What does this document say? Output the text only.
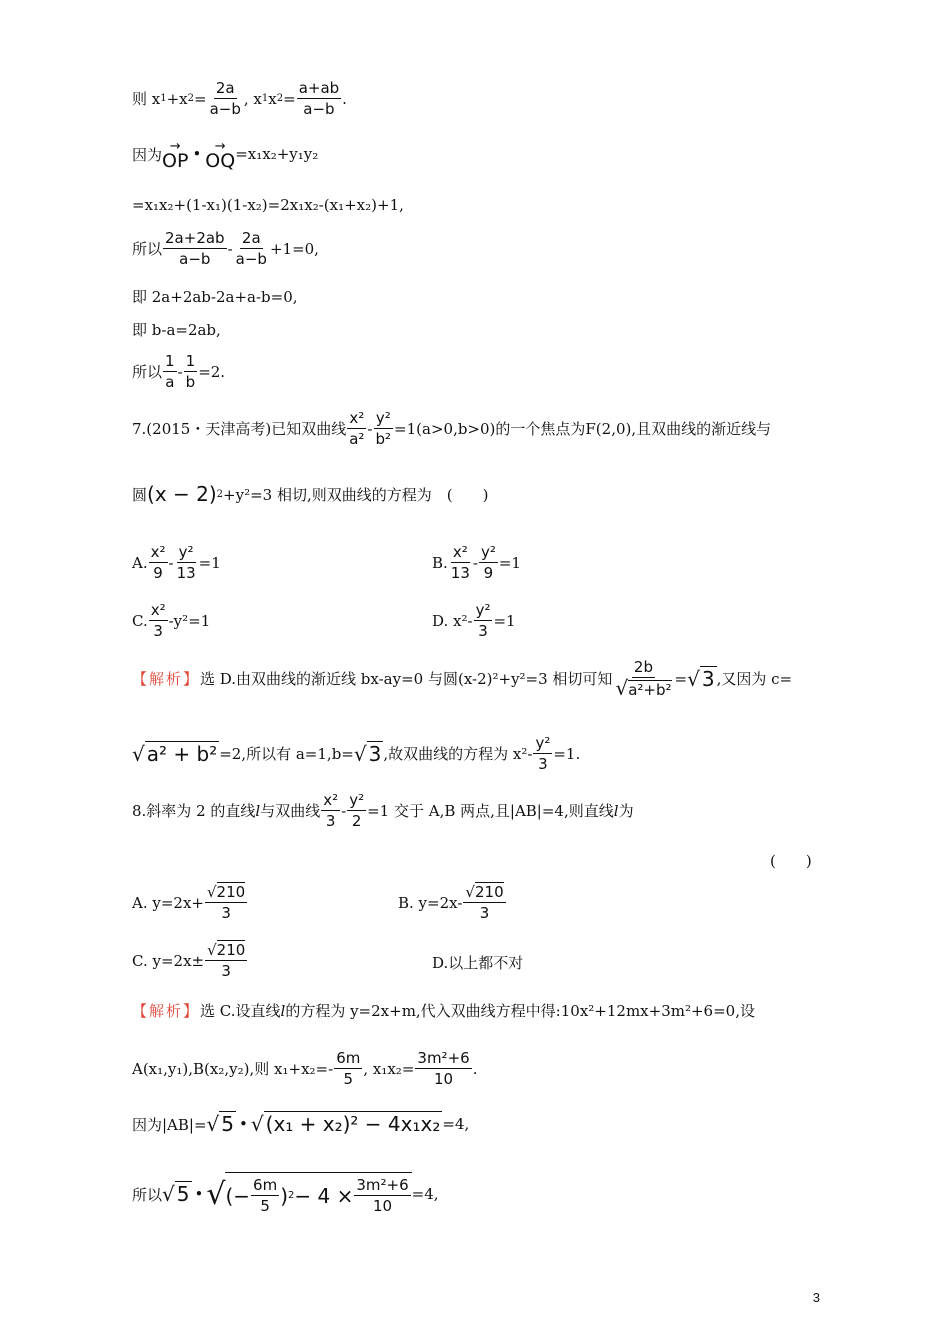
则 x 1 +x $2 = \frac{2a}{a-b}$ , x 1 x $2 = \frac{a+ab}{a-b}$ .
因为 →
OP • →
OQ =x₁x₂+y₁y₂
=x₁x₂+(1-x₁)(1-x₂)=2x₁x₂-(x₁+x₂)+1,
所以 $\frac{2a+2ab}{a-b} - \frac{2a}{a-b} +1=0$,
即 2a+2ab-2a+a-b=0,
即 b-a=2ab,
所以 $\frac{1}{a} - \frac{1}{b} =2$.
7.(2015・天津高考)已知双曲线 $\frac{\text{x²}}{\text{a²}} - \frac{\text{y²}}{\text{b²}} =1(a>0,b>0)$的一个焦点为F(2,0),且双曲线的渐近线与
圆 (x − 2) 2 +y²=3 相切,则双曲线的方程为　(　　)
A. $\frac{\text{x²}}{9} - \frac{\text{y²}}{13} =1$	B. $\frac{\text{x²}}{13} - \frac{\text{y²}}{9} =1$
C. $\frac{\text{x²}}{3} -y^2=1$	D. $x^2- \frac{\text{y²}}{3} =1$
【解析】 选 D.由双曲线的渐近线 bx-ay=0 与圆(x-2)²+y²=3 相切可知 $\frac{2b}{\text{√a²+b²}}$ = √ 3 ,又因为 c=
√ a² + b² =2,所以有 a=1,b= √ 3 ,故双曲线的方程为 $x^2- \frac{\text{y²}}{3} =1$.
8.斜率为 2 的直线 l 与双曲线 $\frac{\text{x²}}{3} - \frac{\text{y²}}{2} =1$ 交于 A,B 两点,且|AB|=4,则直线 l 为
(　　)
A. $y=2x+ \frac{√210}{3}$	B. $y=2x- \frac{√210}{3}$
C. $y=2x\pm \frac{√210}{3}$	D.以上都不对
【解析】 选 C.设直线 l 的方程为 y=2x+m,代入双曲线方程中得:10x²+12mx+3m²+6=0,设
A(x₁,y₁),B(x₂,y₂),则 $x_1+x_2=- \frac{6m}{5}$ , $x_1x_2= \frac{\text{3m²+6}}{10}$ .
因为|AB|= √ 5 • √ (x₁ + x₂)² − 4x₁x₂ =4,
所以 √ 5 • √ (− $\frac{6m}{5}$ ) $2 - 4 \times \frac{\text{3m²+6}}{10} =4$,
3
